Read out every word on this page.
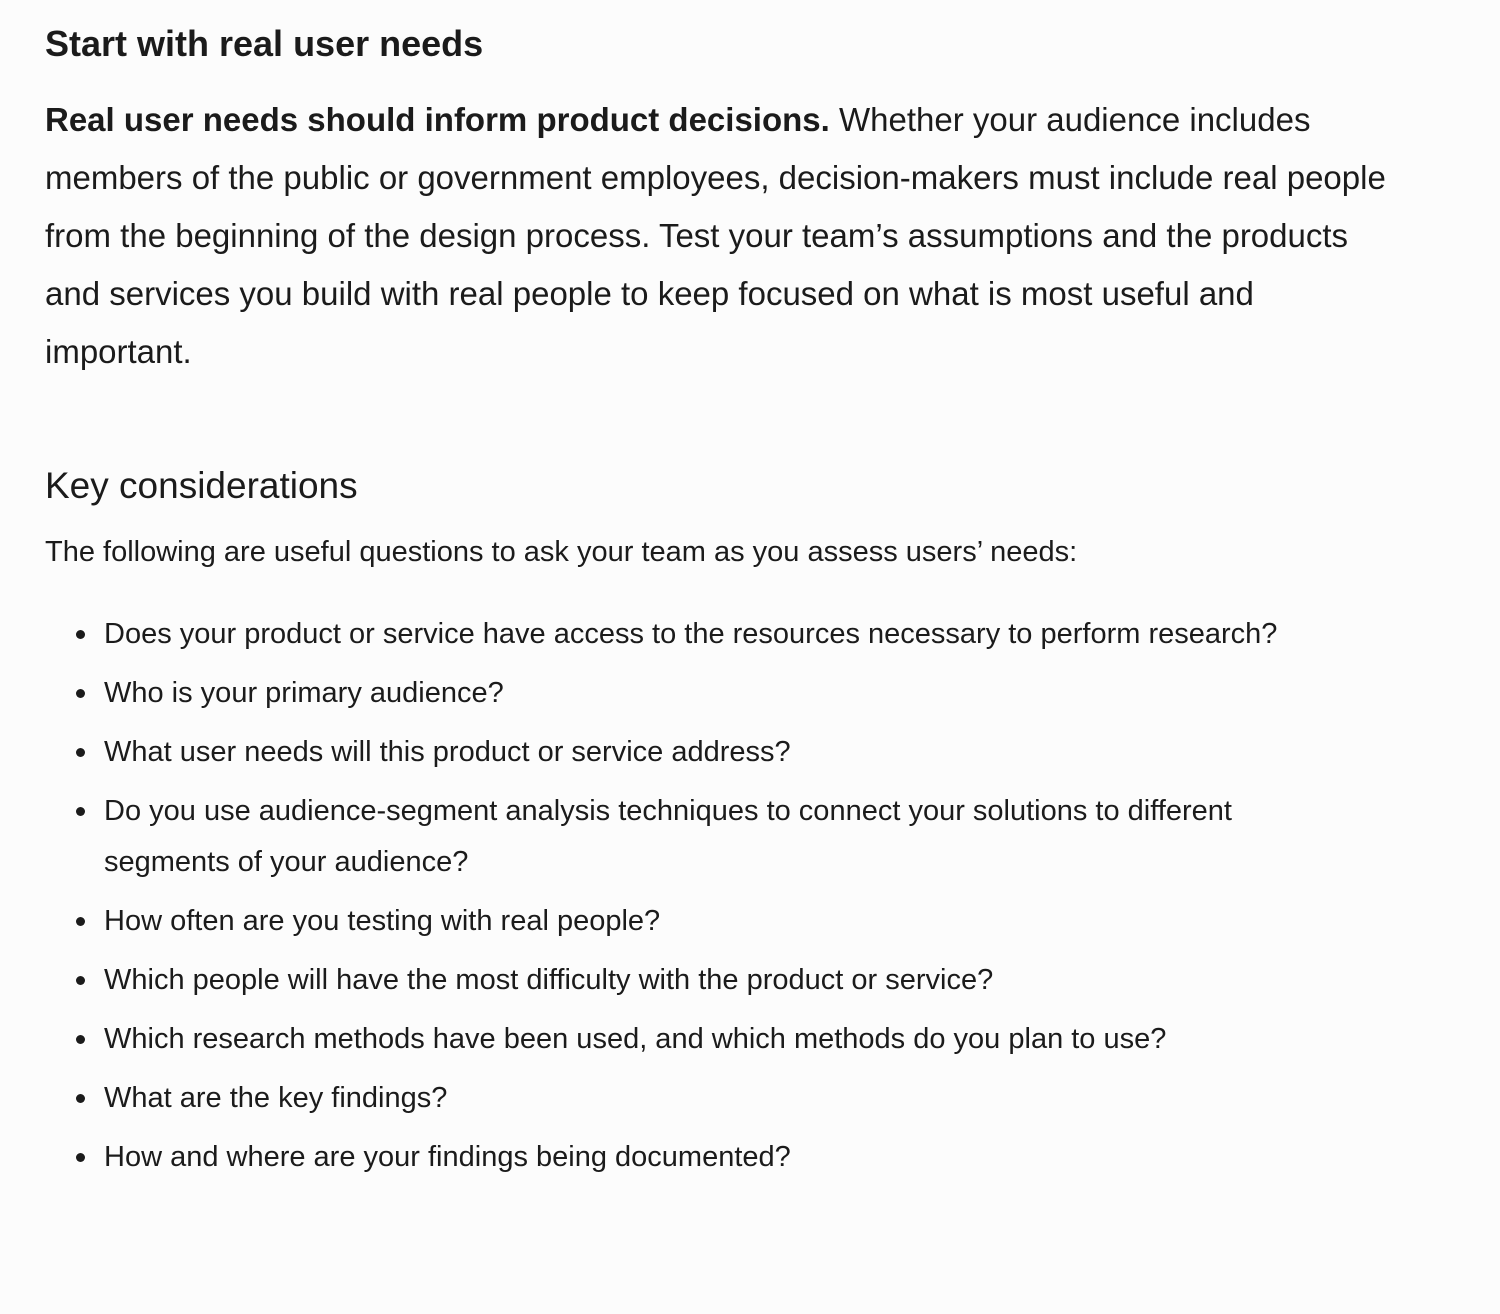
Start with real user needs

Real user needs should inform product decisions. Whether your audience includes members of the public or government employees, decision-makers must include real people from the beginning of the design process. Test your team’s assumptions and the products and services you build with real people to keep focused on what is most useful and important.

Key considerations

The following are useful questions to ask your team as you assess users’ needs:

Does your product or service have access to the resources necessary to perform research?
Who is your primary audience?
What user needs will this product or service address?
Do you use audience-segment analysis techniques to connect your solutions to different segments of your audience?
How often are you testing with real people?
Which people will have the most difficulty with the product or service?
Which research methods have been used, and which methods do you plan to use?
What are the key findings?
How and where are your findings being documented?
